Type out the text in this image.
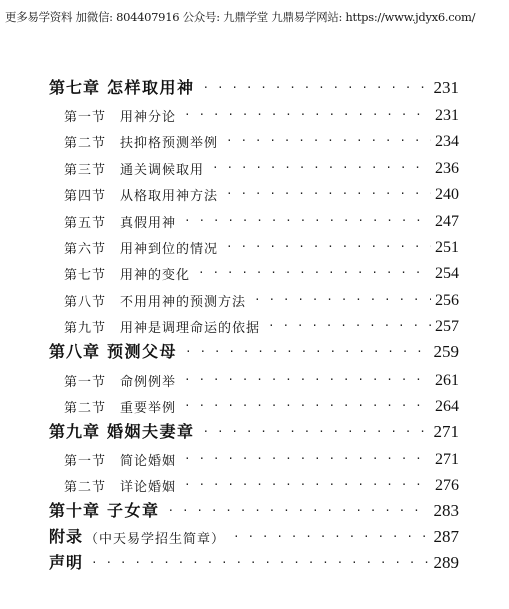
更多易学资料 加微信: 804407916 公众号: 九鼎学堂 九鼎易学网站: https://www.jdyx6.com/
第七章 怎样取用神 · · ·	231
第一节 用神分论 · · ·	231
第二节 扶抑格预测举例 · · ·	234
第三节 通关调候取用 · · ·	236
第四节 从格取用神方法 · · ·	240
第五节 真假用神 · · ·	247
第六节 用神到位的情况 · · ·	251
第七节 用神的变化 · · ·	254
第八节 不用用神的预测方法 · · ·	256
第九节 用神是调理命运的依据 · · ·	257
第八章 预测父母 · · ·	259
第一节 命例例举 · · ·	261
第二节 重要举例 · · ·	264
第九章 婚姻夫妻章 · · ·	271
第一节 简论婚姻 · · ·	271
第二节 详论婚姻 · · ·	276
第十章 子女章 · · ·	283
附录 （中天易学招生简章） · · ·	287
声明 · · ·	289
